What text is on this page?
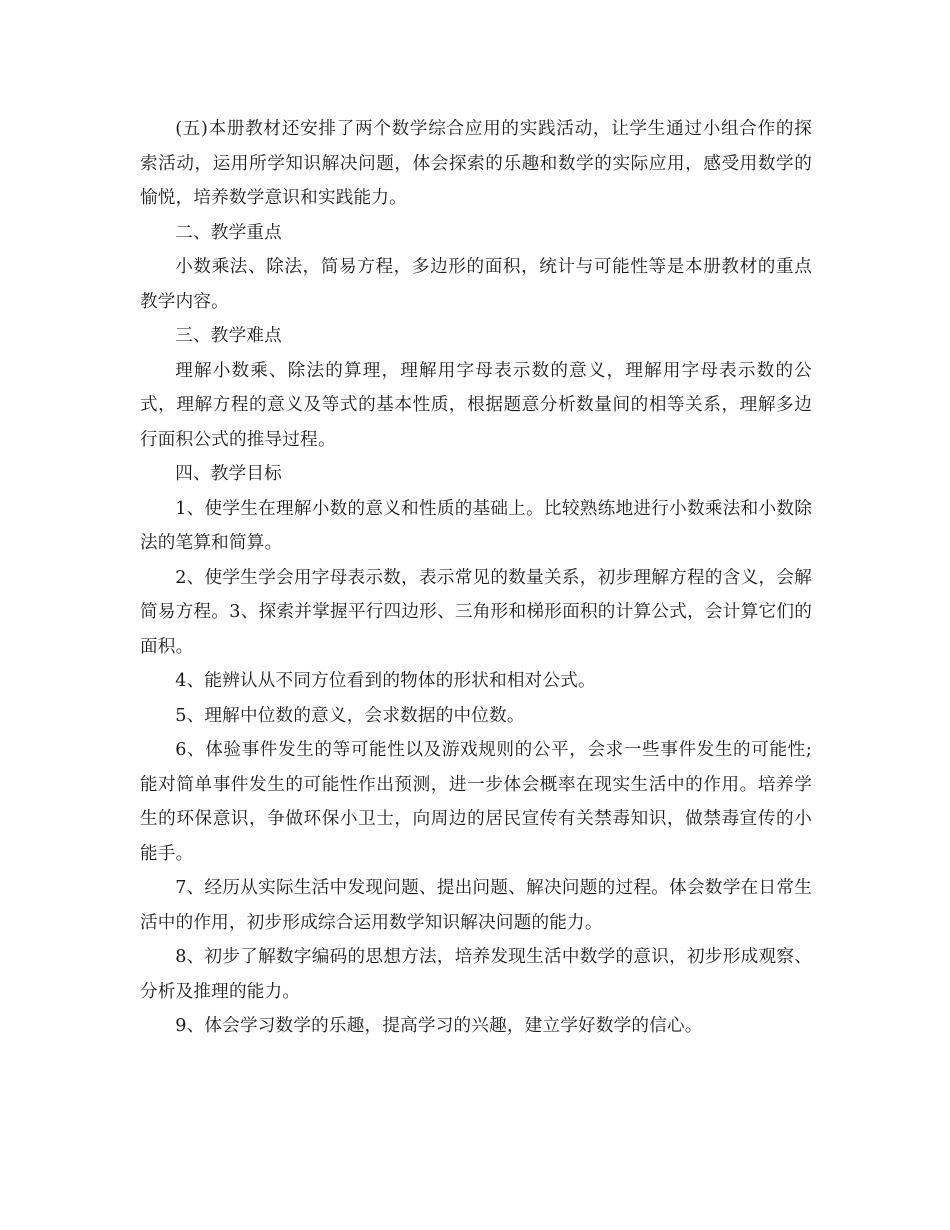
(五)本册教材还安排了两个数学综合应用的实践活动，让学生通过小组合作的探索活动，运用所学知识解决问题，体会探索的乐趣和数学的实际应用，感受用数学的愉悦，培养数学意识和实践能力。

二、教学重点

小数乘法、除法，简易方程，多边形的面积，统计与可能性等是本册教材的重点教学内容。

三、教学难点

理解小数乘、除法的算理，理解用字母表示数的意义，理解用字母表示数的公式，理解方程的意义及等式的基本性质，根据题意分析数量间的相等关系，理解多边行面积公式的推导过程。

四、教学目标

1、使学生在理解小数的意义和性质的基础上。比较熟练地进行小数乘法和小数除法的笔算和简算。

2、使学生学会用字母表示数，表示常见的数量关系，初步理解方程的含义，会解简易方程。3、探索并掌握平行四边形、三角形和梯形面积的计算公式，会计算它们的面积。

4、能辨认从不同方位看到的物体的形状和相对公式。

5、理解中位数的意义，会求数据的中位数。

6、体验事件发生的等可能性以及游戏规则的公平，会求一些事件发生的可能性;能对简单事件发生的可能性作出预测，进一步体会概率在现实生活中的作用。培养学生的环保意识，争做环保小卫士，向周边的居民宣传有关禁毒知识，做禁毒宣传的小能手。

7、经历从实际生活中发现问题、提出问题、解决问题的过程。体会数学在日常生活中的作用，初步形成综合运用数学知识解决问题的能力。

8、初步了解数字编码的思想方法，培养发现生活中数学的意识，初步形成观察、分析及推理的能力。

9、体会学习数学的乐趣，提高学习的兴趣，建立学好数学的信心。
